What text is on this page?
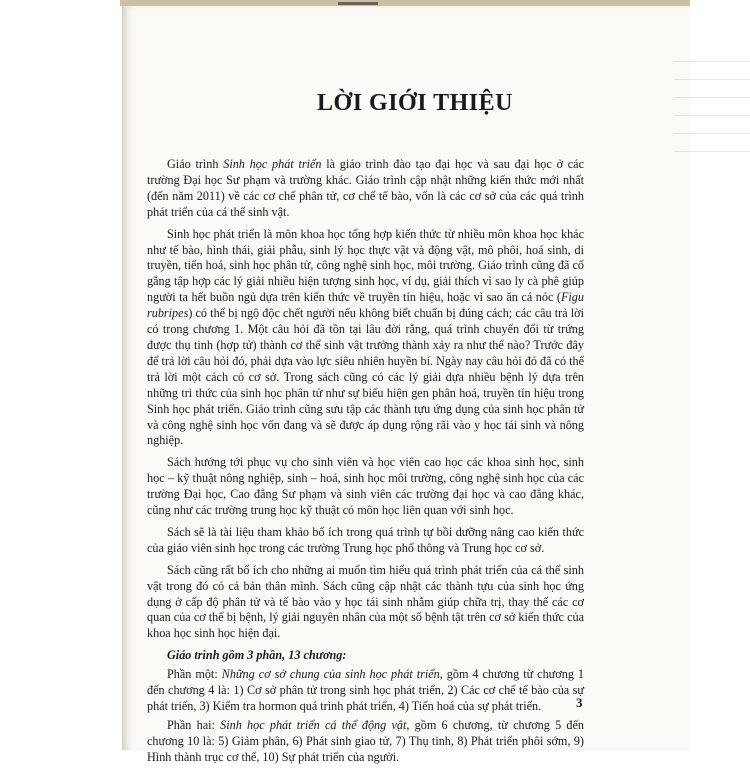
LỜI GIỚI THIỆU

Giáo trình Sinh học phát triển là giáo trình đào tạo đại học và sau đại học ở các trường Đại học Sư phạm và trường khác. Giáo trình cập nhật những kiến thức mới nhất (đến năm 2011) về các cơ chế phân tử, cơ chế tế bào, vốn là các cơ sở của các quá trình phát triển của cá thể sinh vật.

Sinh học phát triển là môn khoa học tổng hợp kiến thức từ nhiều môn khoa học khác như tế bào, hình thái, giải phẫu, sinh lý học thực vật và động vật, mô phôi, hoá sinh, di truyền, tiến hoá, sinh học phân tử, công nghệ sinh học, môi trường. Giáo trình cũng đã cố gắng tập hợp các lý giải nhiều hiện tượng sinh học, ví dụ, giải thích vì sao ly cà phê giúp người ta hết buồn ngủ dựa trên kiến thức về truyền tín hiệu, hoặc vì sao ăn cá nóc (Figu rubripes) có thể bị ngộ độc chết người nếu không biết chuẩn bị đúng cách; các câu trả lời có trong chương 1. Một câu hỏi đã tồn tại lâu đời rằng, quá trình chuyển đổi từ trứng được thụ tinh (hợp tử) thành cơ thể sinh vật trưởng thành xảy ra như thế nào? Trước đây để trả lời câu hỏi đó, phải dựa vào lực siêu nhiên huyền bí. Ngày nay câu hỏi đó đã có thể trả lời một cách có cơ sở. Trong sách cũng có các lý giải dựa nhiều bệnh lý dựa trên những tri thức của sinh học phân tử như sự biểu hiện gen phân hoá, truyền tín hiệu trong Sinh học phát triển. Giáo trình cũng sưu tập các thành tựu ứng dụng của sinh học phân tử và công nghệ sinh học vốn đang và sẽ được áp dụng rộng rãi vào y học tái sinh và nông nghiệp.

Sách hướng tới phục vụ cho sinh viên và học viên cao học các khoa sinh học, sinh học – kỹ thuật nông nghiệp, sinh – hoá, sinh học môi trường, công nghệ sinh học của các trường Đại học, Cao đẳng Sư phạm và sinh viên các trường đại học và cao đẳng khác, cũng như các trường trung học kỹ thuật có môn học liên quan với sinh học.

Sách sẽ là tài liệu tham khảo bổ ích trong quá trình tự bồi dưỡng nâng cao kiến thức của giáo viên sinh học trong các trường Trung học phổ thông và Trung học cơ sở.

Sách cũng rất bổ ích cho những ai muốn tìm hiểu quá trình phát triển của cá thể sinh vật trong đó có cả bản thân mình. Sách cũng cập nhật các thành tựu của sinh học ứng dụng ở cấp độ phân tử và tế bào vào y học tái sinh nhằm giúp chữa trị, thay thế các cơ quan của cơ thể bị bệnh, lý giải nguyên nhân của một số bệnh tật trên cơ sở kiến thức của khoa học sinh học hiện đại.

Giáo trình gồm 3 phần, 13 chương:

Phần một: Những cơ sở chung của sinh học phát triển, gồm 4 chương từ chương 1 đến chương 4 là: 1) Cơ sở phân tử trong sinh học phát triển, 2) Các cơ chế tế bào của sự phát triển, 3) Kiểm tra hormon quá trình phát triển, 4) Tiến hoá của sự phát triển.

Phần hai: Sinh học phát triển cá thể động vật, gồm 6 chương, từ chương 5 đến chương 10 là: 5) Giảm phân, 6) Phát sinh giao tử, 7) Thụ tinh, 8) Phát triển phôi sớm, 9) Hình thành trục cơ thể, 10) Sự phát triển của người.

3
